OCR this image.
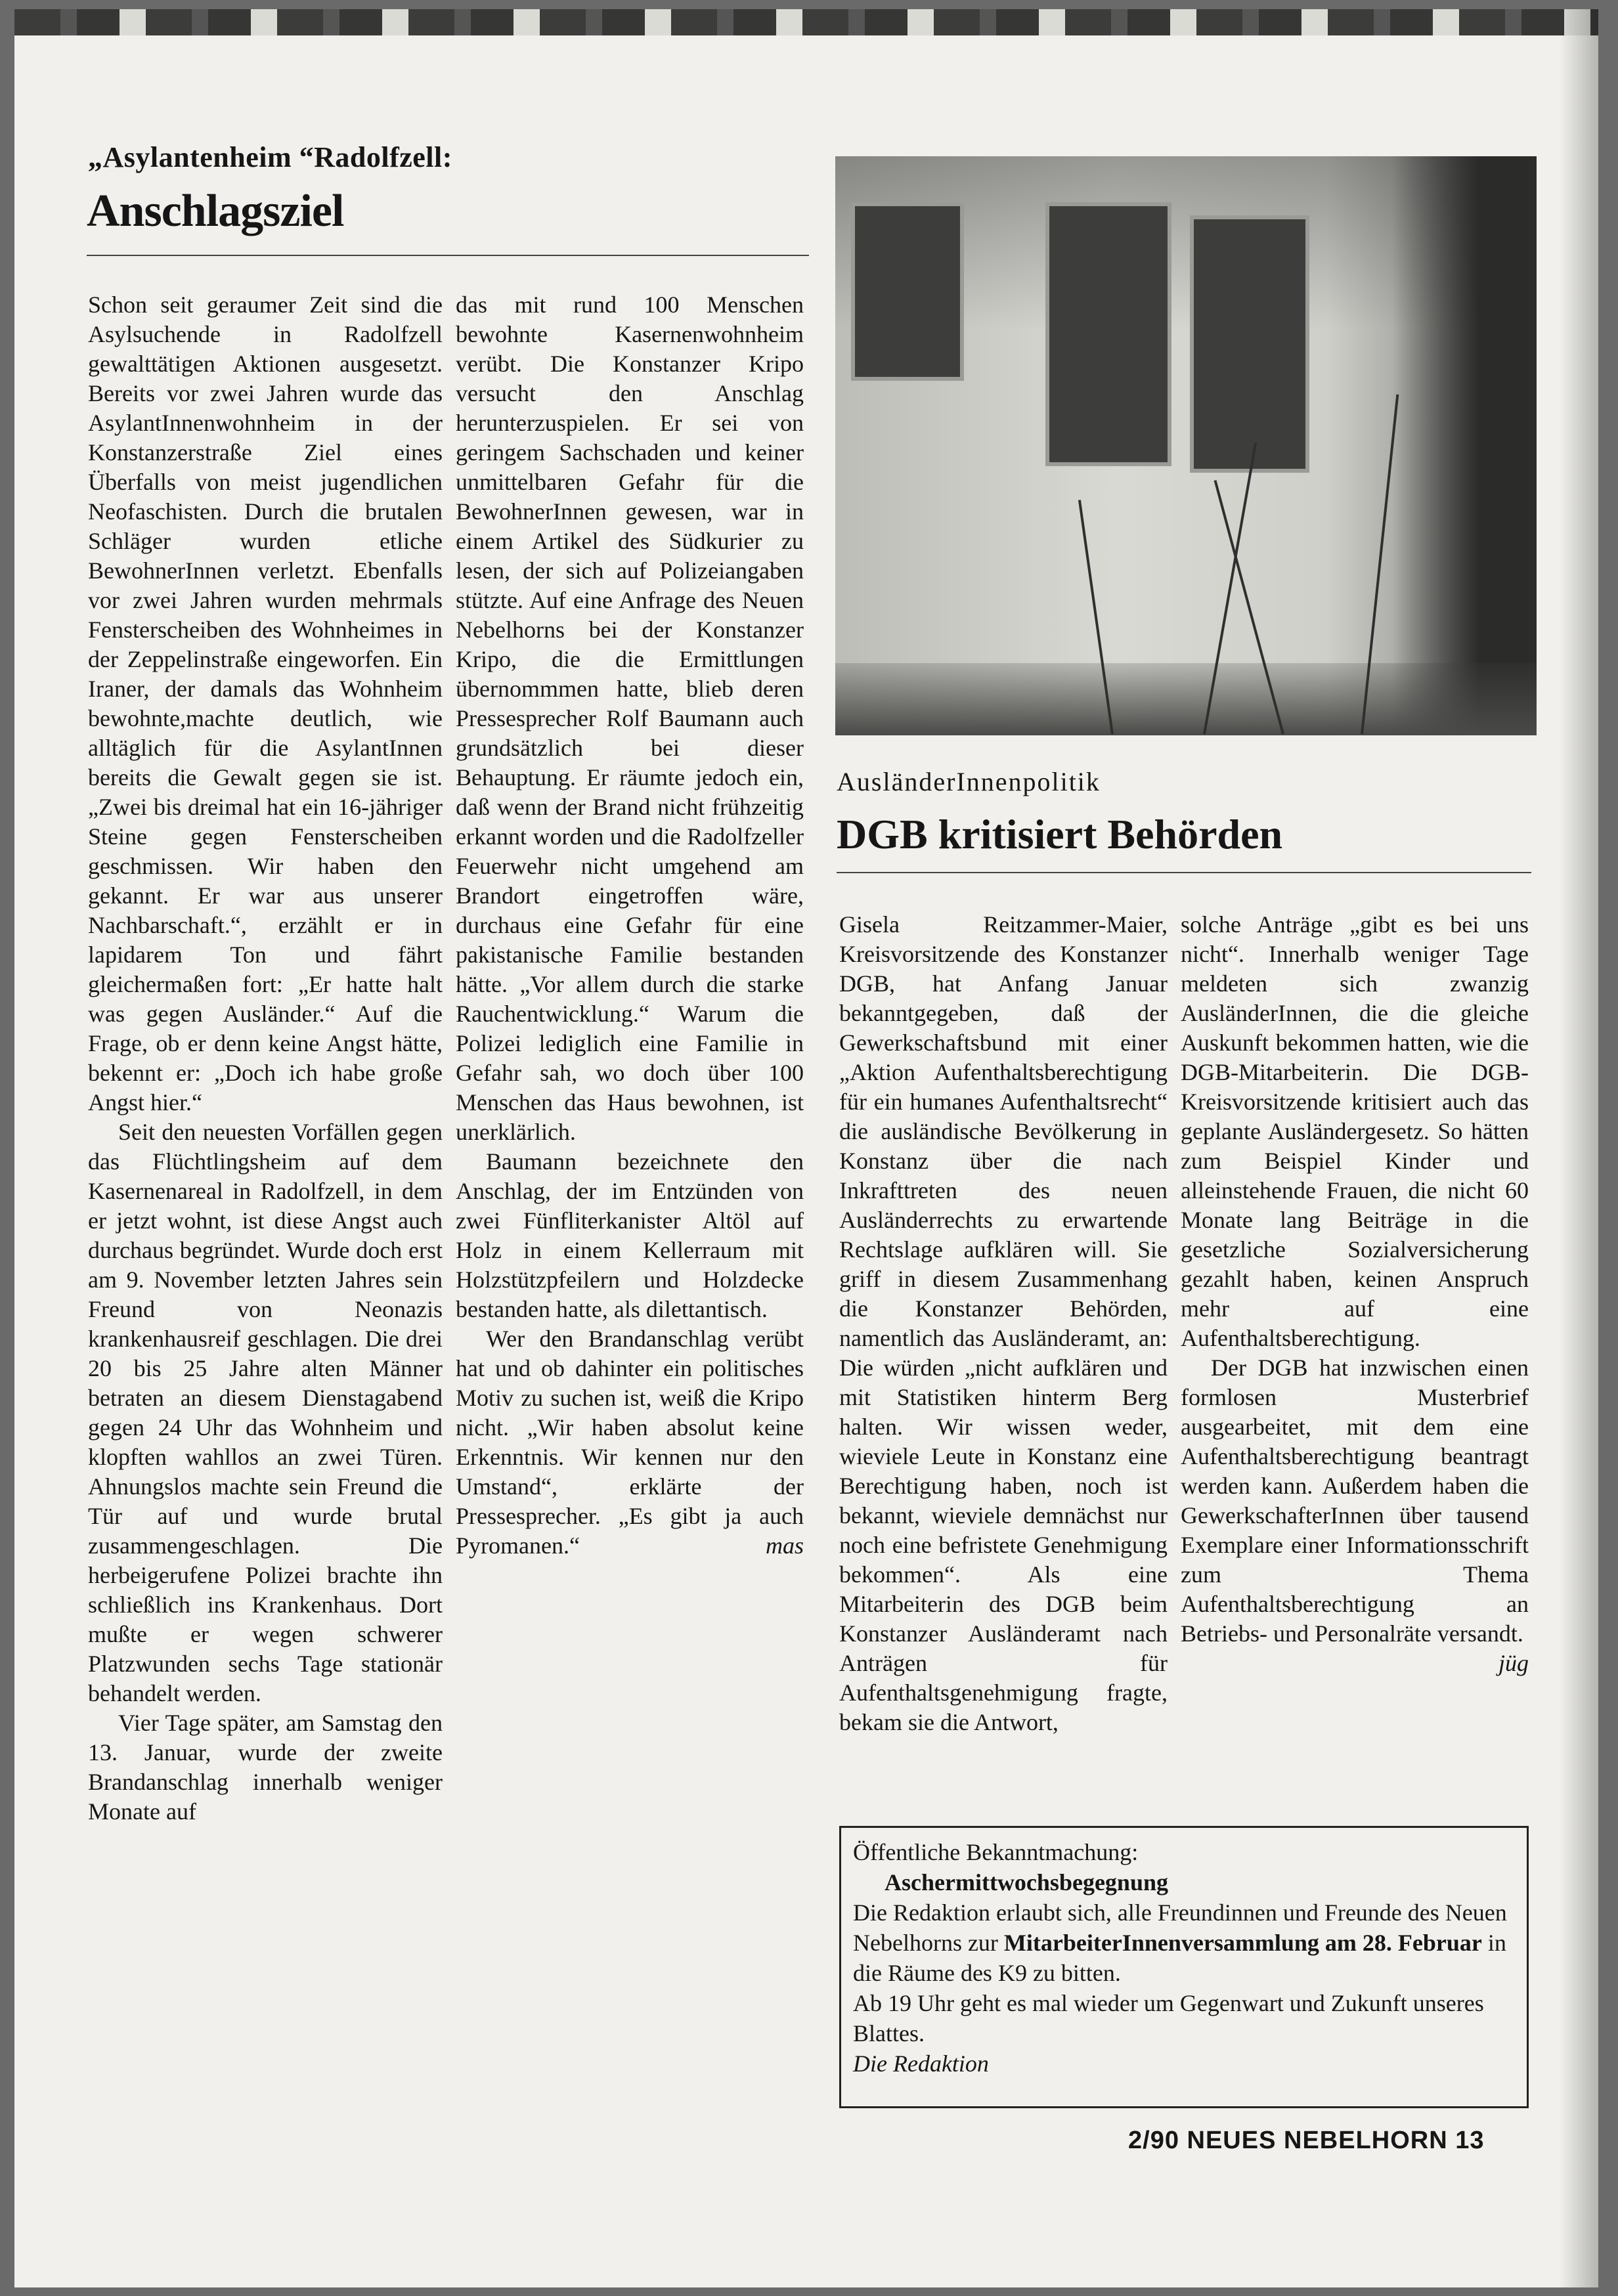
„Asylantenheim “Radolfzell:
Anschlagsziel

Schon seit geraumer Zeit sind die Asylsuchende in Radolfzell gewalttätigen Aktionen ausgesetzt. Bereits vor zwei Jahren wurde das AsylantInnenwohnheim in der Konstanzerstraße Ziel eines Überfalls von meist jugendlichen Neofaschisten. Durch die brutalen Schläger wurden etliche BewohnerInnen verletzt. Ebenfalls vor zwei Jahren wurden mehrmals Fensterscheiben des Wohnheimes in der Zeppelinstraße eingeworfen. Ein Iraner, der damals das Wohnheim bewohnte,machte deutlich, wie alltäglich für die AsylantInnen bereits die Gewalt gegen sie ist. „Zwei bis dreimal hat ein 16-jähriger Steine gegen Fensterscheiben geschmissen. Wir haben den gekannt. Er war aus unserer Nachbarschaft.“, erzählt er in lapidarem Ton und fährt gleichermaßen fort: „Er hatte halt was gegen Ausländer.“ Auf die Frage, ob er denn keine Angst hätte, bekennt er: „Doch ich habe große Angst hier.“

Seit den neuesten Vorfällen gegen das Flüchtlingsheim auf dem Kasernenareal in Radolfzell, in dem er jetzt wohnt, ist diese Angst auch durchaus begründet. Wurde doch erst am 9. November letzten Jahres sein Freund von Neonazis krankenhausreif geschlagen. Die drei 20 bis 25 Jahre alten Männer betraten an diesem Dienstagabend gegen 24 Uhr das Wohnheim und klopften wahllos an zwei Türen. Ahnungslos machte sein Freund die Tür auf und wurde brutal zusammengeschlagen. Die herbeigerufene Polizei brachte ihn schließlich ins Krankenhaus. Dort mußte er wegen schwerer Platzwunden sechs Tage stationär behandelt werden.

Vier Tage später, am Samstag den 13. Januar, wurde der zweite Brandanschlag innerhalb weniger Monate auf

das mit rund 100 Menschen bewohnte Kasernenwohnheim verübt. Die Konstanzer Kripo versucht den Anschlag herunterzuspielen. Er sei von geringem Sachschaden und keiner unmittelbaren Gefahr für die BewohnerInnen gewesen, war in einem Artikel des Südkurier zu lesen, der sich auf Polizeiangaben stützte. Auf eine Anfrage des Neuen Nebelhorns bei der Konstanzer Kripo, die die Ermittlungen übernommmen hatte, blieb deren Pressesprecher Rolf Baumann auch grundsätzlich bei dieser Behauptung. Er räumte jedoch ein, daß wenn der Brand nicht frühzeitig erkannt worden und die Radolfzeller Feuerwehr nicht umgehend am Brandort eingetroffen wäre, durchaus eine Gefahr für eine pakistanische Familie bestanden hätte. „Vor allem durch die starke Rauchentwicklung.“ Warum die Polizei lediglich eine Familie in Gefahr sah, wo doch über 100 Menschen das Haus bewohnen, ist unerklärlich.

Baumann bezeichnete den Anschlag, der im Entzünden von zwei Fünfliterkanister Altöl auf Holz in einem Kellerraum mit Holzstützpfeilern und Holzdecke bestanden hatte, als dilettantisch.

Wer den Brandanschlag verübt hat und ob dahinter ein politisches Motiv zu suchen ist, weiß die Kripo nicht. „Wir haben absolut keine Erkenntnis. Wir kennen nur den Umstand“, erklärte der Pressesprecher. „Es gibt ja auch Pyromanen.“	mas

AusländerInnenpolitik
DGB kritisiert Behörden

Gisela Reitzammer-Maier, Kreisvorsitzende des Konstanzer DGB, hat Anfang Januar bekanntgegeben, daß der Gewerkschaftsbund mit einer „Aktion Aufenthaltsberechtigung für ein humanes Aufenthaltsrecht“ die ausländische Bevölkerung in Konstanz über die nach Inkrafttreten des neuen Ausländerrechts zu erwartende Rechtslage aufklären will. Sie griff in diesem Zusammenhang die Konstanzer Behörden, namentlich das Ausländeramt, an: Die würden „nicht aufklären und mit Statistiken hinterm Berg halten. Wir wissen weder, wieviele Leute in Konstanz eine Berechtigung haben, noch ist bekannt, wieviele demnächst nur noch eine befristete Genehmigung bekommen“. Als eine Mitarbeiterin des DGB beim Konstanzer Ausländeramt nach Anträgen für Aufenthaltsgenehmigung fragte, bekam sie die Antwort,

solche Anträge „gibt es bei uns nicht“. Innerhalb weniger Tage meldeten sich zwanzig AusländerInnen, die die gleiche Auskunft bekommen hatten, wie die DGB-Mitarbeiterin. Die DGB-Kreisvorsitzende kritisiert auch das geplante Ausländergesetz. So hätten zum Beispiel Kinder und alleinstehende Frauen, die nicht 60 Monate lang Beiträge in die gesetzliche Sozialversicherung gezahlt haben, keinen Anspruch mehr auf eine Aufenthaltsberechtigung.

Der DGB hat inzwischen einen formlosen Musterbrief ausgearbeitet, mit dem eine Aufenthaltsberechtigung beantragt werden kann. Außerdem haben die GewerkschafterInnen über tausend Exemplare einer Informationsschrift zum Thema Aufenthaltsberechtigung an Betriebs- und Personalräte versandt.
jüg

Öffentliche Bekanntmachung:
Aschermittwochsbegegnung
Die Redaktion erlaubt sich, alle Freundinnen und Freunde des Neuen Nebelhorns zur MitarbeiterInnenversammlung am 28. Februar in die Räume des K9 zu bitten.
Ab 19 Uhr geht es mal wieder um Gegenwart und Zukunft unseres Blattes.
Die Redaktion
2/90 NEUES NEBELHORN 13
